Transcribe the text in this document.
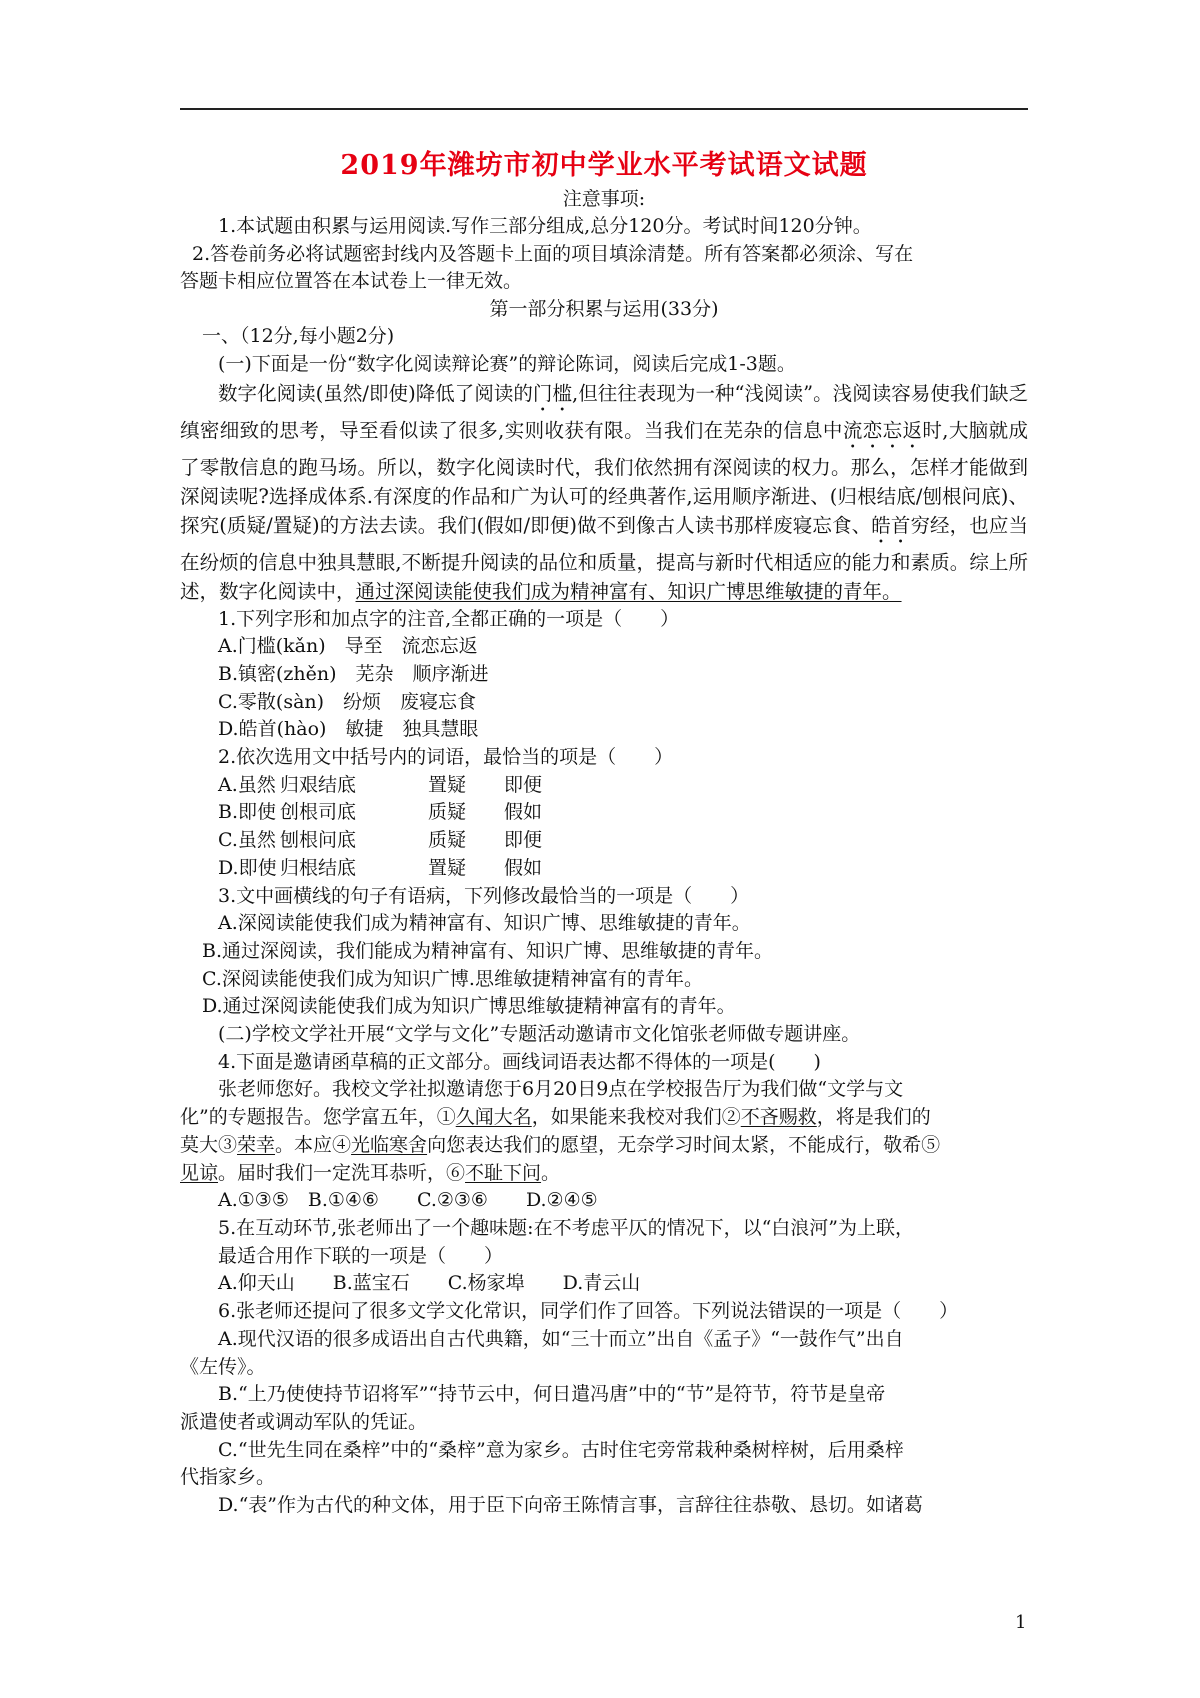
2019年潍坊市初中学业水平考试语文试题
注意事项:

1.本试题由积累与运用阅读.写作三部分组成,总分120分。考试时间120分钟。

2.答卷前务必将试题密封线内及答题卡上面的项目填涂清楚。所有答案都必须涂、写在

答题卡相应位置答在本试卷上一律无效。

第一部分积累与运用(33分)

一、（12分,每小题2分)

(一)下面是一份“数字化阅读辩论赛”的辩论陈词，阅读后完成1-3题。

数字化阅读(虽然/即使)降低了阅读的门槛,但往往表现为一种“浅阅读”。浅阅读容易使我们缺乏缜密细致的思考，导至看似读了很多,实则收获有限。当我们在芜杂的信息中流恋忘返时,大脑就成了零散信息的跑马场。所以，数字化阅读时代，我们依然拥有深阅读的权力。那么，怎样才能做到深阅读呢?选择成体系.有深度的作品和广为认可的经典著作,运用顺序渐进、(归根结底/刨根问底)、探究(质疑/置疑)的方法去读。我们(假如/即便)做不到像古人读书那样废寝忘食、皓首穷经，也应当在纷烦的信息中独具慧眼,不断提升阅读的品位和质量，提高与新时代相适应的能力和素质。综上所述，数字化阅读中，通过深阅读能使我们成为精神富有、知识广博思维敏捷的青年。

1.下列字形和加点字的注音,全都正确的一项是（　　）

A.门槛(kǎn)　导至　流恋忘返

B.镇密(zhěn)　芜杂　顺序渐进

C.零散(sàn)　纷烦　废寝忘食

D.皓首(hào)　敏捷　独具慧眼

2.依次选用文中括号内的词语，最恰当的项是（　　）

A.虽然 归艰结底	置疑 即便

B.即使 创根司底	质疑 假如

C.虽然 刨根问底	质疑 即便

D.即使 归根结底	置疑 假如

3.文中画横线的句子有语病，下列修改最恰当的一项是（　　）

A.深阅读能使我们成为精神富有、知识广博、思维敏捷的青年。

B.通过深阅读，我们能成为精神富有、知识广博、思维敏捷的青年。

C.深阅读能使我们成为知识广博.思维敏捷精神富有的青年。

D.通过深阅读能使我们成为知识广博思维敏捷精神富有的青年。

(二)学校文学社开展“文学与文化”专题活动邀请市文化馆张老师做专题讲座。

4.下面是邀请函草稿的正文部分。画线词语表达都不得体的一项是(　　)

张老师您好。我校文学社拟邀请您于6月20日9点在学校报告厅为我们做“文学与文

化”的专题报告。您学富五年，①久闻大名，如果能来我校对我们②不吝赐救，将是我们的

莫大③荣幸。本应④光临寒舍向您表达我们的愿望，无奈学习时间太紧，不能成行，敬希⑤

见谅。届时我们一定洗耳恭听，⑥不耻下问。

A.①③⑤　B.①④⑥　　C.②③⑥　　D.②④⑤

5.在互动环节,张老师出了一个趣味题:在不考虑平仄的情况下，以“白浪河”为上联，

最适合用作下联的一项是（　　）

A.仰天山　　B.蓝宝石　　C.杨家埠　　D.青云山

6.张老师还提问了很多文学文化常识，同学们作了回答。下列说法错误的一项是（　　）

A.现代汉语的很多成语出自古代典籍，如“三十而立”出自《孟子》“一鼓作气”出自

《左传》。

B.“上乃使使持节诏将军”“持节云中，何日遣冯唐”中的“节”是符节，符节是皇帝

派遣使者或调动军队的凭证。

C.“世先生同在桑梓”中的“桑梓”意为家乡。古时住宅旁常栽种桑树梓树，后用桑梓

代指家乡。

D.“表”作为古代的种文体，用于臣下向帝王陈情言事，言辞往往恭敬、恳切。如诸葛

1
